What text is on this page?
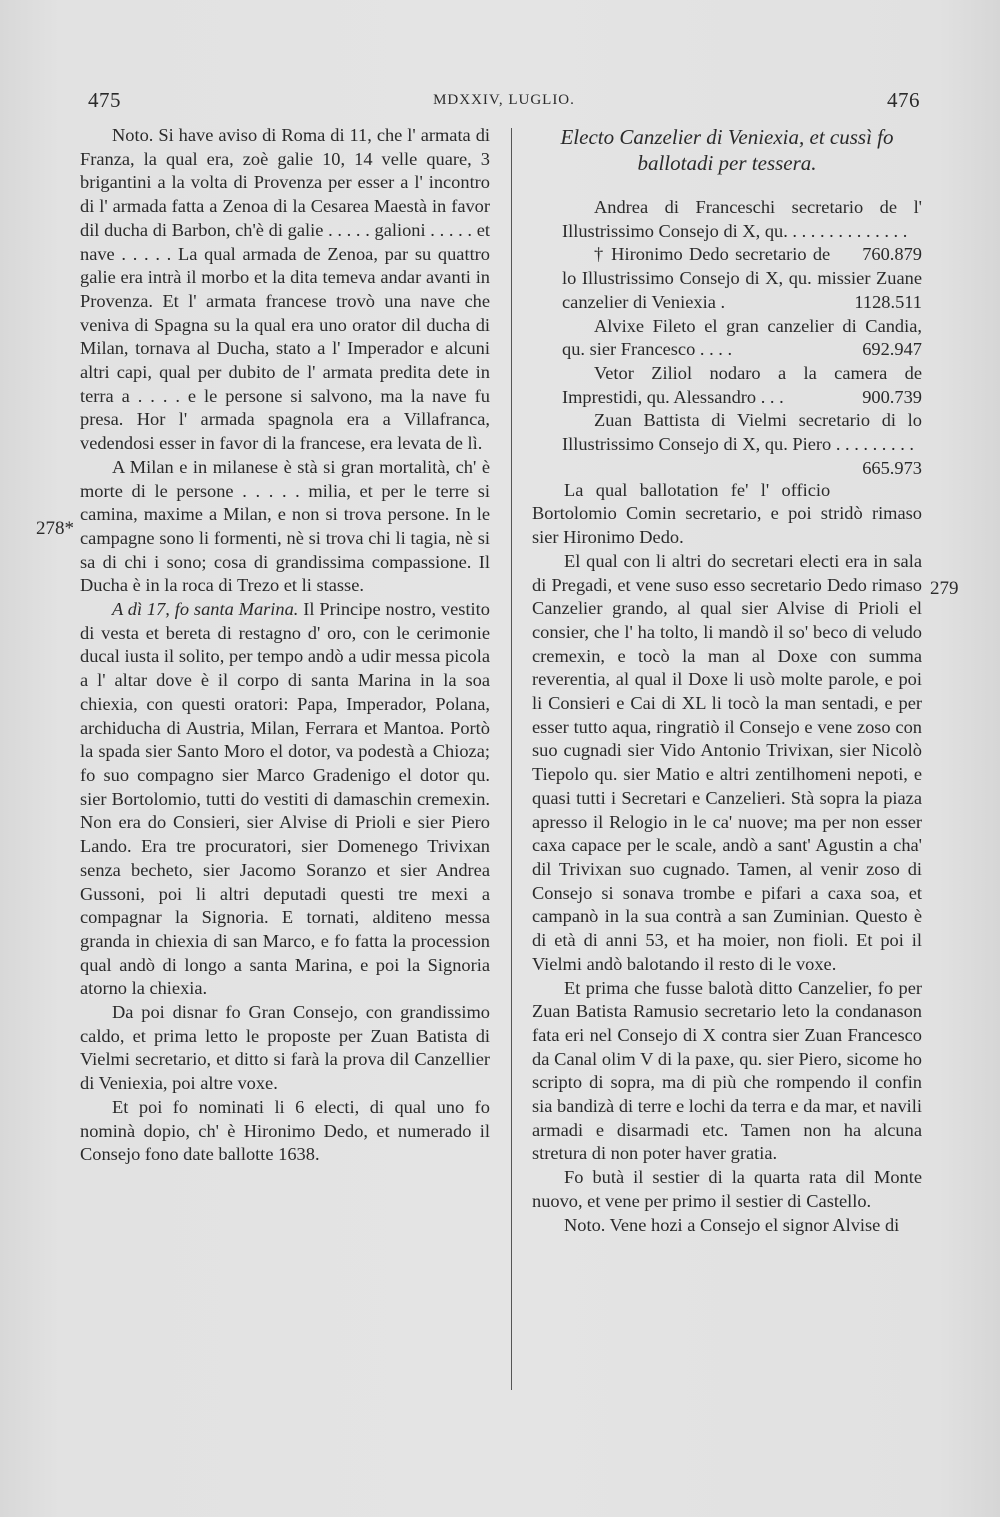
475	MDXXIV, LUGLIO.	476
278*
279

Noto. Si have aviso di Roma di 11, che l' armata di Franza, la qual era, zoè galie 10, 14 velle quare, 3 brigantini a la volta di Provenza per esser a l' incontro di l' armada fatta a Zenoa di la Cesarea Maestà in favor dil ducha di Barbon, ch'è di galie . . . . . galioni . . . . . et nave . . . . . La qual armada de Zenoa, par su quattro galie era intrà il morbo et la dita temeva andar avanti in Provenza. Et l' armata francese trovò una nave che veniva di Spagna su la qual era uno orator dil ducha di Milan, tornava al Ducha, stato a l' Imperador e alcuni altri capi, qual per dubito de l' armata predita dete in terra a . . . . e le persone si salvono, ma la nave fu presa. Hor l' armada spagnola era a Villafranca, vedendosi esser in favor di la francese, era levata de lì.

A Milan e in milanese è stà si gran mortalità, ch' è morte di le persone . . . . . milia, et per le terre si camina, maxime a Milan, e non si trova persone. In le campagne sono li formenti, nè si trova chi li tagia, nè si sa di chi i sono; cosa di grandissima compassione. Il Ducha è in la roca di Trezo et li stasse.

A dì 17, fo santa Marina. Il Principe nostro, vestito di vesta et bereta di restagno d' oro, con le cerimonie ducal iusta il solito, per tempo andò a udir messa picola a l' altar dove è il corpo di santa Marina in la soa chiexia, con questi oratori: Papa, Imperador, Polana, archiducha di Austria, Milan, Ferrara et Mantoa. Portò la spada sier Santo Moro el dotor, va podestà a Chioza; fo suo compagno sier Marco Gradenigo el dotor qu. sier Bortolomio, tutti do vestiti di damaschin cremexin. Non era do Consieri, sier Alvise di Prioli e sier Piero Lando. Era tre procuratori, sier Domenego Trivixan senza becheto, sier Jacomo Soranzo et sier Andrea Gussoni, poi li altri deputadi questi tre mexi a compagnar la Signoria. E tornati, alditeno messa granda in chiexia di san Marco, e fo fatta la procession qual andò di longo a santa Marina, e poi la Signoria atorno la chiexia.

Da poi disnar fo Gran Consejo, con grandissimo caldo, et prima letto le proposte per Zuan Batista di Vielmi secretario, et ditto si farà la prova dil Canzellier di Veniexia, poi altre voxe.

Et poi fo nominati li 6 electi, di qual uno fo nominà dopio, ch' è Hironimo Dedo, et numerado il Consejo fono date ballotte 1638.

Electo Canzelier di Veniexia, et cussì fo ballotadi per tessera.

Andrea di Franceschi secretario de l' Illustrissimo Consejo di X, qu. . . . . . . . . . . . . .
760.879

† Hironimo Dedo secretario de lo Illustrissimo Consejo di X, qu. missier Zuane canzelier di Veniexia .	1128.511

Alvixe Fileto el gran canzelier di Candia, qu. sier Francesco . . . .	692.947

Vetor Ziliol nodaro a la camera de Imprestidi, qu. Alessandro . . .	900.739

Zuan Battista di Vielmi secretario di lo Illustrissimo Consejo di X, qu. Piero . . . . . . . . .
665.973

La qual ballotation fe' l' officio Bortolomio Comin secretario, e poi stridò rimaso sier Hironimo Dedo.

El qual con li altri do secretari electi era in sala di Pregadi, et vene suso esso secretario Dedo rimaso Canzelier grando, al qual sier Alvise di Prioli el consier, che l' ha tolto, li mandò il so' beco di veludo cremexin, e tocò la man al Doxe con summa reverentia, al qual il Doxe li usò molte parole, e poi li Consieri e Cai di XL li tocò la man sentadi, e per esser tutto aqua, ringratiò il Consejo e vene zoso con suo cugnadi sier Vido Antonio Trivixan, sier Nicolò Tiepolo qu. sier Matio e altri zentilhomeni nepoti, e quasi tutti i Secretari e Canzelieri. Stà sopra la piaza apresso il Relogio in le ca' nuove; ma per non esser caxa capace per le scale, andò a sant' Agustin a cha' dil Trivixan suo cugnado. Tamen, al venir zoso di Consejo si sonava trombe e pifari a caxa soa, et campanò in la sua contrà a san Zuminian. Questo è di età di anni 53, et ha moier, non fioli. Et poi il Vielmi andò balotando il resto di le voxe.

Et prima che fusse balotà ditto Canzelier, fo per Zuan Batista Ramusio secretario leto la condanason fata eri nel Consejo di X contra sier Zuan Francesco da Canal olim V di la paxe, qu. sier Piero, sicome ho scripto di sopra, ma di più che rompendo il confin sia bandizà di terre e lochi da terra e da mar, et navili armadi e disarmadi etc. Tamen non ha alcuna stretura di non poter haver gratia.

Fo butà il sestier di la quarta rata dil Monte nuovo, et vene per primo il sestier di Castello.

Noto. Vene hozi a Consejo el signor Alvise di
